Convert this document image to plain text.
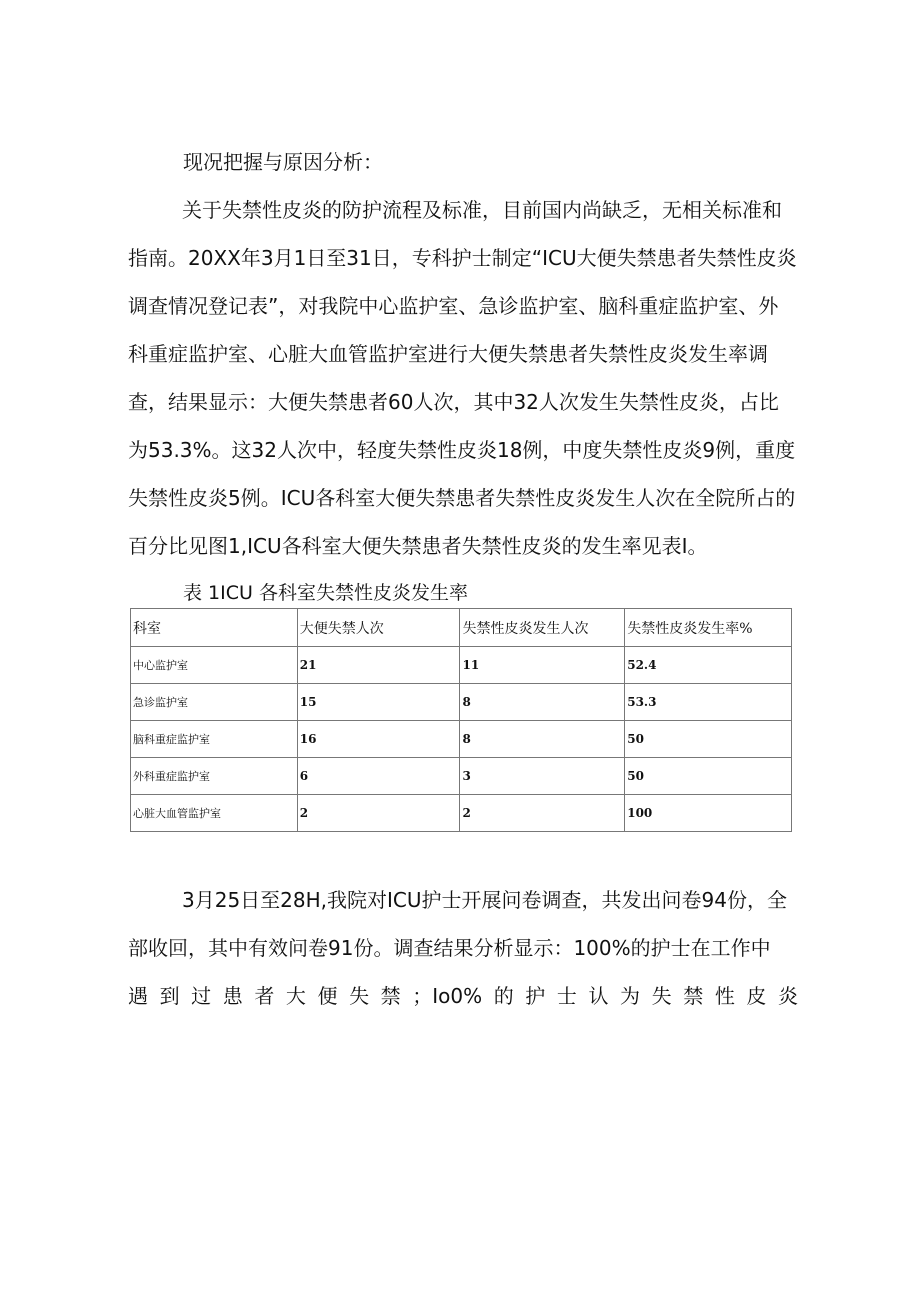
现况把握与原因分析：

关于失禁性皮炎的防护流程及标准，目前国内尚缺乏，无相关标准和指南。20XX年3月1日至31日，专科护士制定“ICU大便失禁患者失禁性皮炎调查情况登记表”，对我院中心监护室、急诊监护室、脑科重症监护室、外科重症监护室、心脏大血管监护室进行大便失禁患者失禁性皮炎发生率调查，结果显示：大便失禁患者60人次，其中32人次发生失禁性皮炎，占比为53.3%。这32人次中，轻度失禁性皮炎18例，中度失禁性皮炎9例，重度失禁性皮炎5例。ICU各科室大便失禁患者失禁性皮炎发生人次在全院所占的百分比见图1,ICU各科室大便失禁患者失禁性皮炎的发生率见表I。

表 1ICU 各科室失禁性皮炎发生率

科室	大便失禁人次	失禁性皮炎发生人次	失禁性皮炎发生率%
中心监护室	21	11	52.4
急诊监护室	15	8	53.3
脑科重症监护室	16	8	50
外科重症监护室	6	3	50
心脏大血管监护室	2	2	100

3月25日至28H,我院对ICU护士开展问卷调查，共发出问卷94份，全部收回，其中有效问卷91份。调查结果分析显示：100%的护士在工作中

遇到过患者大便失禁；Io0%的护士认为失禁性皮炎
